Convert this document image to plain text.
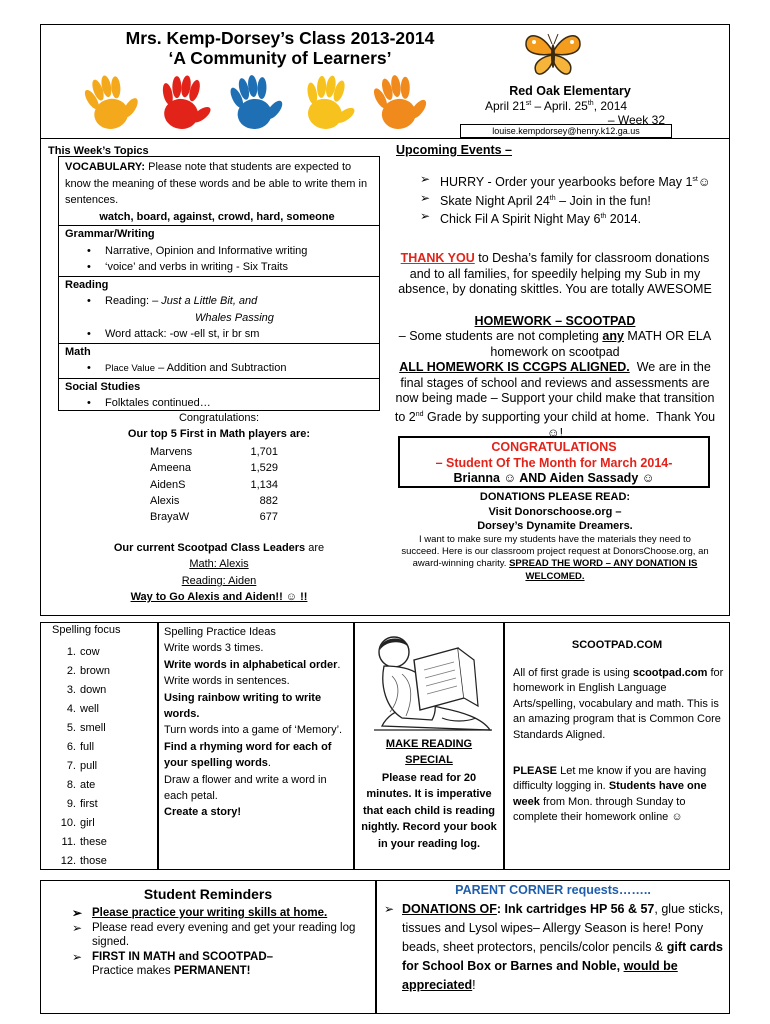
Mrs. Kemp-Dorsey’s Class 2013-2014
‘A Community of Learners’
Red Oak Elementary
April 21st – April. 25th, 2014
– Week 32
louise.kempdorsey@henry.k12.ga.us
This Week’s Topics
VOCABULARY: Please note that students are expected to know the meaning of these words and be able to write them in sentences.
watch, board, against, crowd, hard, someone
Grammar/Writing
• Narrative, Opinion and Informative writing
• ‘voice’ and verbs in writing - Six Traits
Reading
• Reading: – Just a Little Bit, and
Whales Passing
• Word attack: -ow -ell st, ir br sm
Math
• Place Value – Addition and Subtraction
Social Studies
• Folktales continued…
Congratulations:
Our top 5 First in Math players are:
Marvens	1,701
Ameena	1,529
AidenS	1,134
Alexis	882
BrayaW	677
Our current Scootpad Class Leaders are
Math: Alexis
Reading: Aiden
Way to Go Alexis and Aiden!! ☺ !!
Upcoming Events –
➢ HURRY - Order your yearbooks before May 1st☺
➢ Skate Night April 24th – Join in the fun!
➢ Chick Fil A Spirit Night May 6th 2014.
THANK YOU to Desha’s family for classroom donations and to all families, for speedily helping my Sub in my absence, by donating skittles. You are totally AWESOME
HOMEWORK – SCOOTPAD
– Some students are not completing any MATH OR ELA homework on scootpad
ALL HOMEWORK IS CCGPS ALIGNED.  We are in the final stages of school and reviews and assessments are now being made – Support your child make that transition to 2nd Grade by supporting your child at home.  Thank You ☺!
CONGRATULATIONS
– Student Of The Month for March 2014-
Brianna ☺ AND Aiden Sassady ☺
DONATIONS PLEASE READ:
Visit Donorschoose.org –
Dorsey’s Dynamite Dreamers.
I want to make sure my students have the materials they need to succeed. Here is our classroom project request at DonorsChoose.org, an award-winning charity. SPREAD THE WORD – ANY DONATION IS WELCOMED.
Spelling focus
1. cow
2. brown
3. down
4. well
5. smell
6. full
7. pull
8. ate
9. first
10. girl
11. these
12. those
Spelling Practice Ideas
Write words 3 times.
Write words in alphabetical order.
Write words in sentences.
Using rainbow writing to write words.
Turn words into a game of ‘Memory’.
Find a rhyming word for each of your spelling words.
Draw a flower and write a word in each petal.
Create a story!
MAKE READING
SPECIAL
Please read for 20 minutes. It is imperative that each child is reading nightly. Record your book in your reading log.
SCOOTPAD.COM
All of first grade is using scootpad.com for homework in English Language Arts/spelling, vocabulary and math. This is an amazing program that is Common Core Standards Aligned.
PLEASE Let me know if you are having difficulty logging in. Students have one week from Mon. through Sunday to complete their homework online ☺
Student Reminders
➢ Please practice your writing skills at home.
➢ Please read every evening and get your reading log signed.
➢ FIRST IN MATH and SCOOTPAD–
Practice makes PERMANENT!
PARENT CORNER requests……..
➢ DONATIONS OF: Ink cartridges HP 56 & 57, glue sticks, tissues and Lysol wipes– Allergy Season is here! Pony beads, sheet protectors, pencils/color pencils & gift cards for School Box or Barnes and Noble, would be appreciated!
